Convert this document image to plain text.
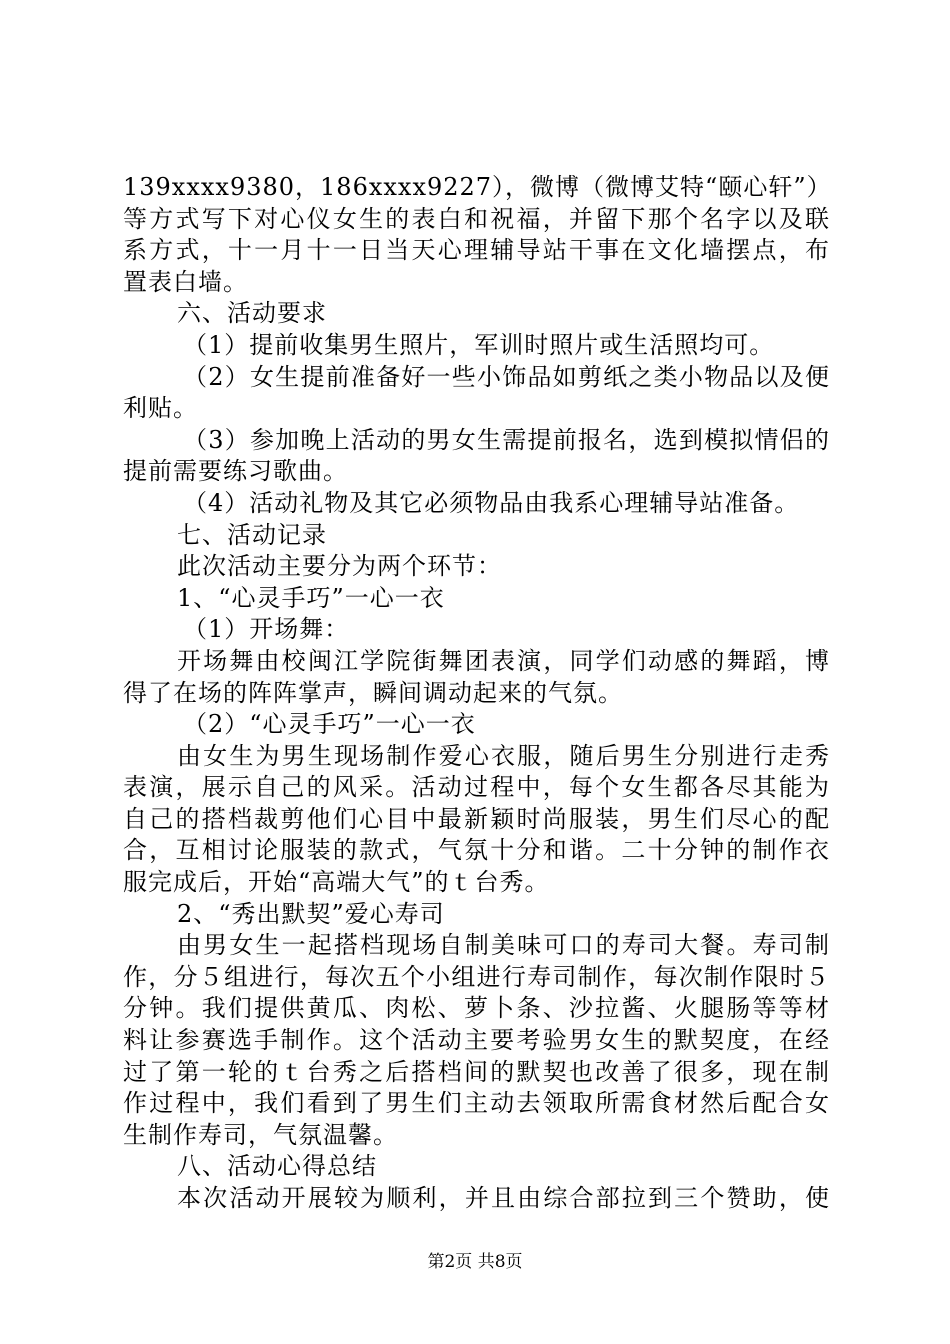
139xxxx9380，186xxxx9227），微博（微博艾特“颐心轩”）
等方式写下对心仪女生的表白和祝福，并留下那个名字以及联
系方式，十一月十一日当天心理辅导站干事在文化墙摆点，布
置表白墙。
六、活动要求
（1）提前收集男生照片，军训时照片或生活照均可。
（2）女生提前准备好一些小饰品如剪纸之类小物品以及便
利贴。
（3）参加晚上活动的男女生需提前报名，选到模拟情侣的
提前需要练习歌曲。
（4）活动礼物及其它必须物品由我系心理辅导站准备。
七、活动记录
此次活动主要分为两个环节：
1、“心灵手巧”一心一衣
（1）开场舞：
开场舞由校闽江学院街舞团表演，同学们动感的舞蹈，博
得了在场的阵阵掌声，瞬间调动起来的气氛。
（2）“心灵手巧”一心一衣
由女生为男生现场制作爱心衣服，随后男生分别进行走秀
表演，展示自己的风采。活动过程中，每个女生都各尽其能为
自己的搭档裁剪他们心目中最新颖时尚服装，男生们尽心的配
合，互相讨论服装的款式，气氛十分和谐。二十分钟的制作衣
服完成后，开始“高端大气”的ｔ台秀。
2、“秀出默契”爱心寿司
由男女生一起搭档现场自制美味可口的寿司大餐。寿司制
作，分５组进行，每次五个小组进行寿司制作，每次制作限时５
分钟。我们提供黄瓜、肉松、萝卜条、沙拉酱、火腿肠等等材
料让参赛选手制作。这个活动主要考验男女生的默契度，在经
过了第一轮的ｔ台秀之后搭档间的默契也改善了很多，现在制
作过程中，我们看到了男生们主动去领取所需食材然后配合女
生制作寿司，气氛温馨。
八、活动心得总结
本次活动开展较为顺利，并且由综合部拉到三个赞助，使
第2页 共8页
